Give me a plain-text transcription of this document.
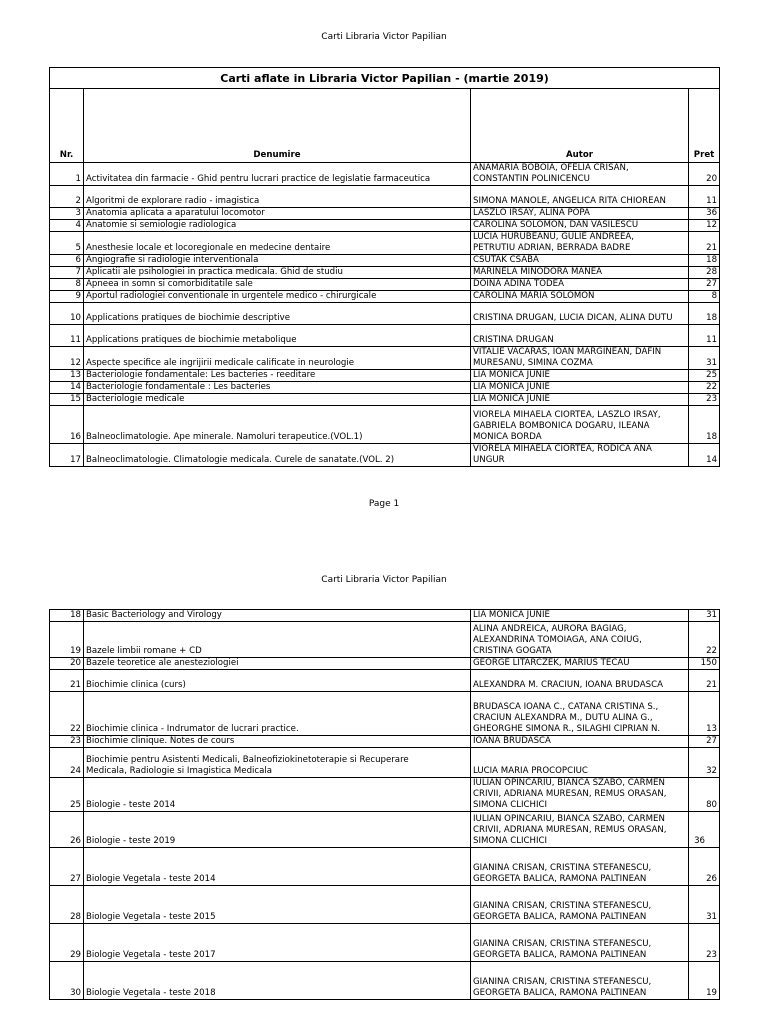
Carti Libraria Victor Papilian
Carti aflate in Libraria Victor Papilian - (martie 2019)			
Nr.	Denumire	Autor	Pret
1	Activitatea din farmacie - Ghid pentru lucrari practice de legislatie farmaceutica	ANAMARIA BOBOIA, OFELIA CRISAN,
CONSTANTIN POLINICENCU	20
2	Algoritmi de explorare radio - imagistica	SIMONA MANOLE, ANGELICA RITA CHIOREAN	11
3	Anatomia aplicata a aparatului locomotor	LASZLO IRSAY, ALINA POPA	36
4	Anatomie si semiologie radiologica	CAROLINA SOLOMON, DAN VASILESCU	12
5	Anesthesie locale et locoregionale en medecine dentaire	LUCIA HURUBEANU, GULIE ANDREEA,
PETRUTIU ADRIAN, BERRADA BADRE	21
6	Angiografie si radiologie interventionala	CSUTAK CSABA	18
7	Aplicatii ale psihologiei in practica medicala. Ghid de studiu	MARINELA MINODORA MANEA	28
8	Apneea in somn si comorbiditatile sale	DOINA ADINA TODEA	27
9	Aportul radiologiei conventionale in urgentele medico - chirurgicale	CAROLINA MARIA SOLOMON	8
10	Applications pratiques de biochimie descriptive	CRISTINA DRUGAN, LUCIA DICAN, ALINA DUTU	18
11	Applications pratiques de biochimie metabolique	CRISTINA DRUGAN	11
12	Aspecte specifice ale ingrijirii medicale calificate in neurologie	VITALIE VACARAS, IOAN MARGINEAN, DAFIN
MURESANU, SIMINA COZMA	31
13	Bacteriologie fondamentale: Les bacteries - reeditare	LIA MONICA JUNIE	25
14	Bacteriologie fondamentale : Les bacteries	LIA MONICA JUNIE	22
15	Bacteriologie medicale	LIA MONICA JUNIE	23
16	Balneoclimatologie. Ape minerale. Namoluri terapeutice.(VOL.1)	VIORELA MIHAELA CIORTEA, LASZLO IRSAY,
GABRIELA BOMBONICA DOGARU, ILEANA
MONICA BORDA	18
17	Balneoclimatologie. Climatologie medicala. Curele de sanatate.(VOL. 2)	VIORELA MIHAELA CIORTEA, RODICA ANA
UNGUR	14
Page 1
Carti Libraria Victor Papilian
18	Basic Bacteriology and Virology	LIA MONICA JUNIE	31
19	Bazele limbii romane + CD	ALINA ANDREICA, AURORA BAGIAG,
ALEXANDRINA TOMOIAGA, ANA COIUG,
CRISTINA GOGATA	22
20	Bazele teoretice ale anesteziologiei	GEORGE LITARCZEK, MARIUS TECAU	150
21	Biochimie clinica (curs)	ALEXANDRA M. CRACIUN, IOANA BRUDASCA	21
22	Biochimie clinica - Indrumator de lucrari practice.	BRUDASCA IOANA C., CATANA CRISTINA S.,
CRACIUN ALEXANDRA M., DUTU ALINA G.,
GHEORGHE SIMONA R., SILAGHI CIPRIAN N.	13
23	Biochimie clinique. Notes de cours	IOANA BRUDASCA	27
24	Biochimie pentru Asistenti Medicali, Balneofiziokinetoterapie si Recuperare
Medicala, Radiologie si Imagistica Medicala	LUCIA MARIA PROCOPCIUC	32
25	Biologie - teste 2014	IULIAN OPINCARIU, BIANCA SZABO, CARMEN
CRIVII, ADRIANA MURESAN, REMUS ORASAN,
SIMONA CLICHICI	80
26	Biologie - teste 2019	IULIAN OPINCARIU, BIANCA SZABO, CARMEN
CRIVII, ADRIANA MURESAN, REMUS ORASAN,
SIMONA CLICHICI	36
27	Biologie Vegetala - teste 2014	GIANINA CRISAN, CRISTINA STEFANESCU,
GEORGETA BALICA, RAMONA PALTINEAN	26
28	Biologie Vegetala - teste 2015	GIANINA CRISAN, CRISTINA STEFANESCU,
GEORGETA BALICA, RAMONA PALTINEAN	31
29	Biologie Vegetala - teste 2017	GIANINA CRISAN, CRISTINA STEFANESCU,
GEORGETA BALICA, RAMONA PALTINEAN	23
30	Biologie Vegetala - teste 2018	GIANINA CRISAN, CRISTINA STEFANESCU,
GEORGETA BALICA, RAMONA PALTINEAN	19
